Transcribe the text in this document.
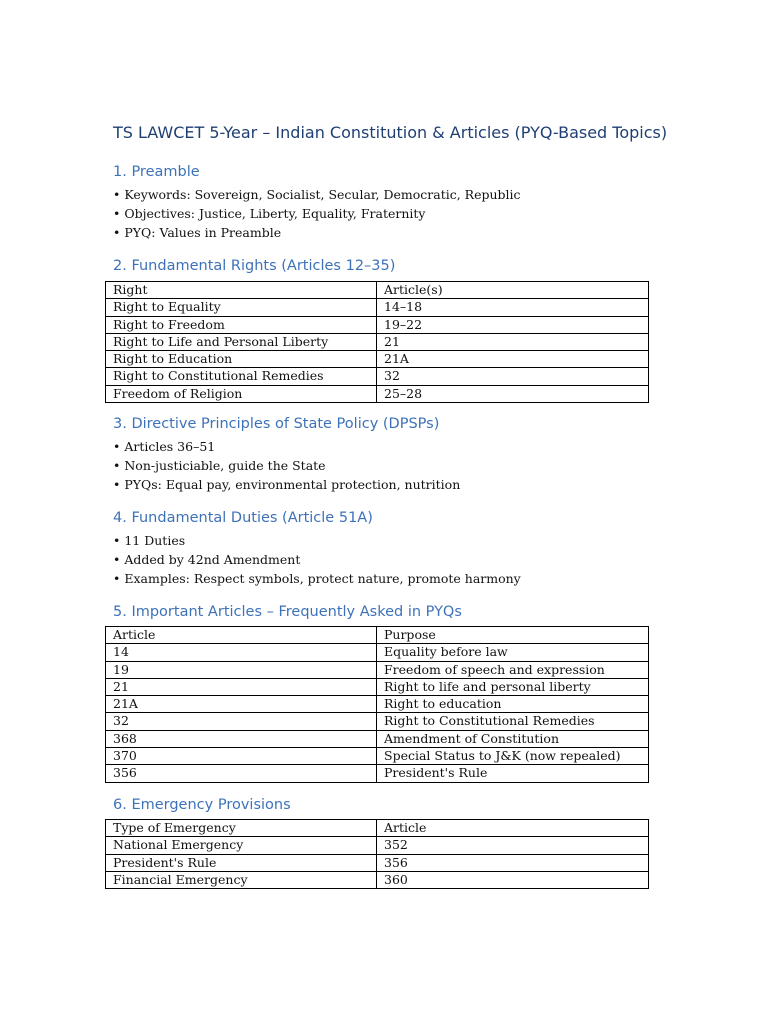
TS LAWCET 5-Year – Indian Constitution & Articles (PYQ-Based Topics)
1. Preamble
• Keywords: Sovereign, Socialist, Secular, Democratic, Republic
• Objectives: Justice, Liberty, Equality, Fraternity
• PYQ: Values in Preamble
2. Fundamental Rights (Articles 12–35)
Right	Article(s)
Right to Equality	14–18
Right to Freedom	19–22
Right to Life and Personal Liberty	21
Right to Education	21A
Right to Constitutional Remedies	32
Freedom of Religion	25–28
3. Directive Principles of State Policy (DPSPs)
• Articles 36–51
• Non-justiciable, guide the State
• PYQs: Equal pay, environmental protection, nutrition
4. Fundamental Duties (Article 51A)
• 11 Duties
• Added by 42nd Amendment
• Examples: Respect symbols, protect nature, promote harmony
5. Important Articles – Frequently Asked in PYQs
Article	Purpose
14	Equality before law
19	Freedom of speech and expression
21	Right to life and personal liberty
21A	Right to education
32	Right to Constitutional Remedies
368	Amendment of Constitution
370	Special Status to J&K (now repealed)
356	President's Rule
6. Emergency Provisions
Type of Emergency	Article
National Emergency	352
President's Rule	356
Financial Emergency	360
